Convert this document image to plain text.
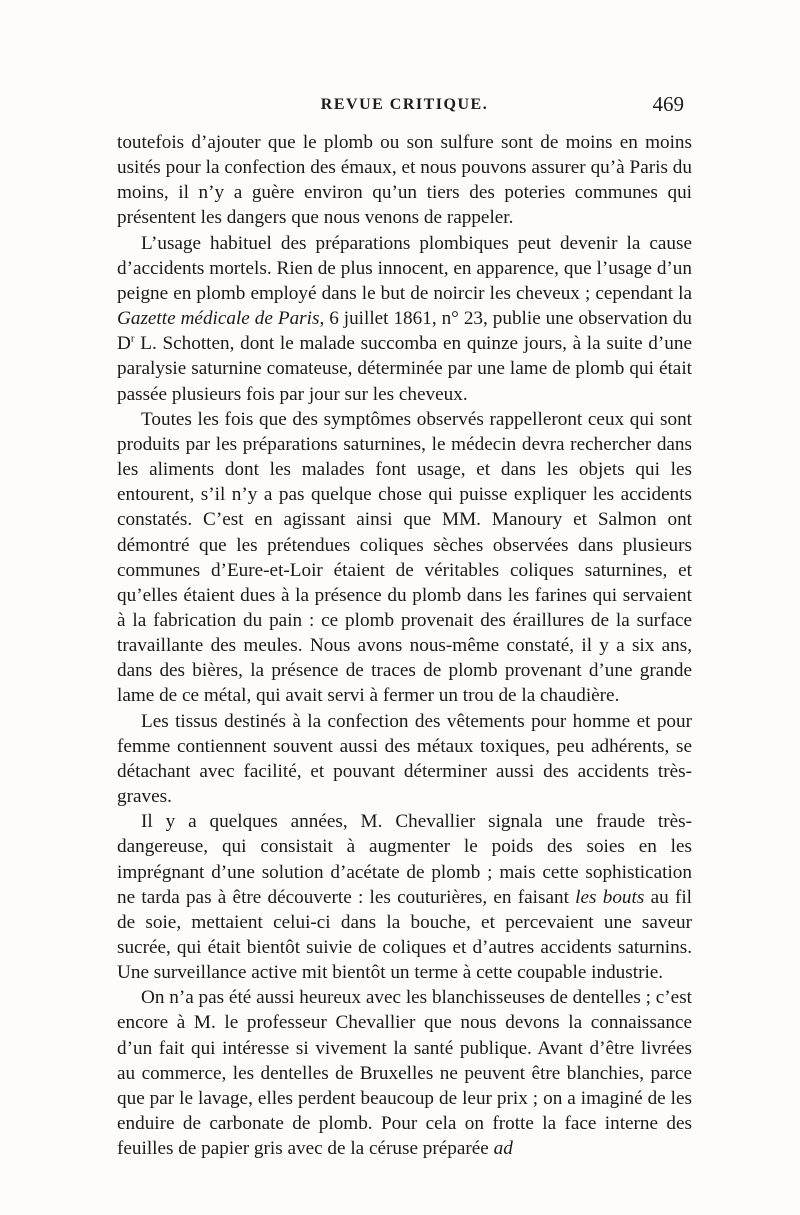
REVUE CRITIQUE.	469

toutefois d’ajouter que le plomb ou son sulfure sont de moins en moins usités pour la confection des émaux, et nous pouvons assurer qu’à Paris du moins, il n’y a guère environ qu’un tiers des poteries communes qui présentent les dangers que nous venons de rappeler.

L’usage habituel des préparations plombiques peut devenir la cause d’accidents mortels. Rien de plus innocent, en apparence, que l’usage d’un peigne en plomb employé dans le but de noircir les cheveux ; cependant la Gazette médicale de Paris, 6 juillet 1861, n° 23, publie une observation du $D^r$ L. Schotten, dont le malade succomba en quinze jours, à la suite d’une paralysie saturnine comateuse, déterminée par une lame de plomb qui était passée plusieurs fois par jour sur les cheveux.

Toutes les fois que des symptômes observés rappelleront ceux qui sont produits par les préparations saturnines, le médecin devra rechercher dans les aliments dont les malades font usage, et dans les objets qui les entourent, s’il n’y a pas quelque chose qui puisse expliquer les accidents constatés. C’est en agissant ainsi que MM. Manoury et Salmon ont démontré que les prétendues coliques sèches observées dans plusieurs communes d’Eure-et-Loir étaient de véritables coliques saturnines, et qu’elles étaient dues à la présence du plomb dans les farines qui servaient à la fabrication du pain : ce plomb provenait des éraillures de la surface travaillante des meules. Nous avons nous-même constaté, il y a six ans, dans des bières, la présence de traces de plomb provenant d’une grande lame de ce métal, qui avait servi à fermer un trou de la chaudière.

Les tissus destinés à la confection des vêtements pour homme et pour femme contiennent souvent aussi des métaux toxiques, peu adhérents, se détachant avec facilité, et pouvant déterminer aussi des accidents très-graves.

Il y a quelques années, M. Chevallier signala une fraude très-dangereuse, qui consistait à augmenter le poids des soies en les imprégnant d’une solution d’acétate de plomb ; mais cette sophistication ne tarda pas à être découverte : les couturières, en faisant les bouts au fil de soie, mettaient celui-ci dans la bouche, et percevaient une saveur sucrée, qui était bientôt suivie de coliques et d’autres accidents saturnins. Une surveillance active mit bientôt un terme à cette coupable industrie.

On n’a pas été aussi heureux avec les blanchisseuses de dentelles ; c’est encore à M. le professeur Chevallier que nous devons la connaissance d’un fait qui intéresse si vivement la santé publique. Avant d’être livrées au commerce, les dentelles de Bruxelles ne peuvent être blanchies, parce que par le lavage, elles perdent beaucoup de leur prix ; on a imaginé de les enduire de carbonate de plomb. Pour cela on frotte la face interne des feuilles de papier gris avec de la céruse préparée ad
